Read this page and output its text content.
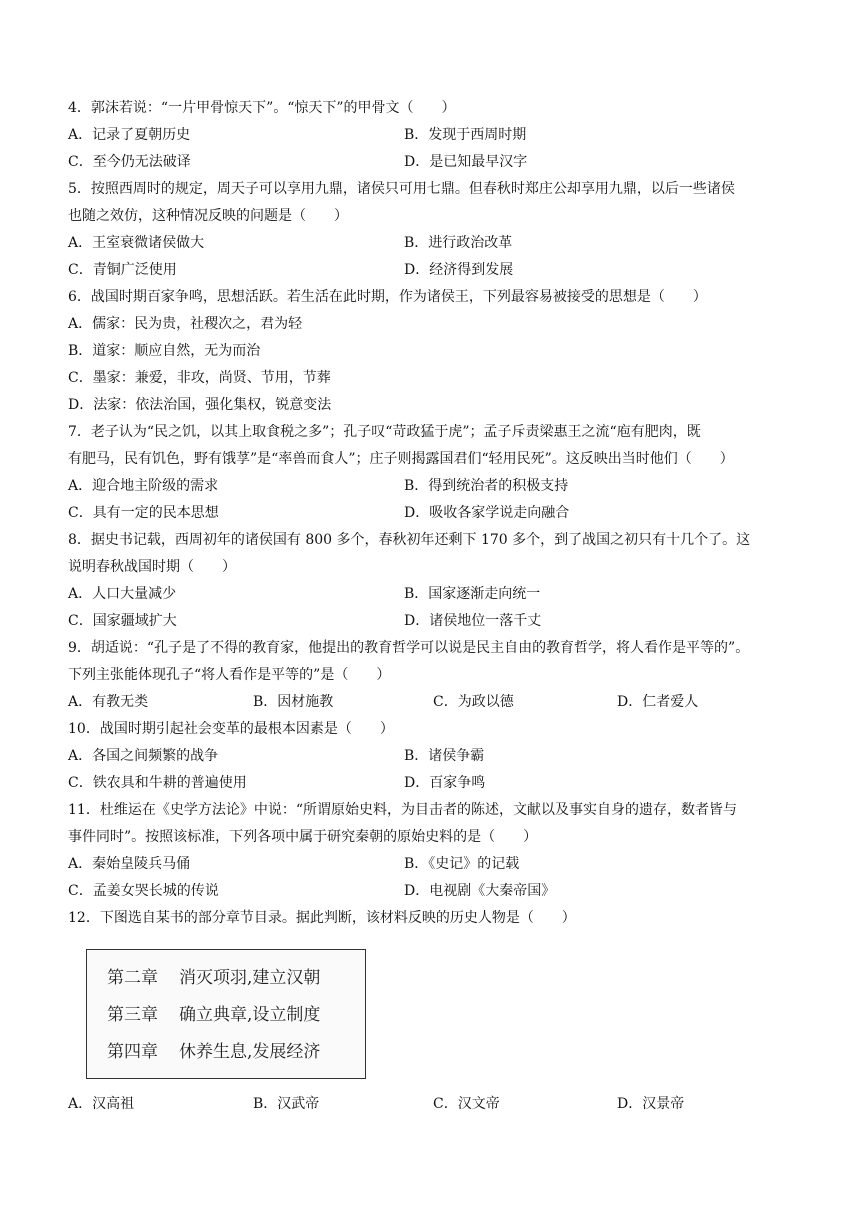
4．郭沫若说：“一片甲骨惊天下”。“惊天下”的甲骨文（　　）
A．记录了夏朝历史	B．发现于西周时期
C．至今仍无法破译	D．是已知最早汉字
5．按照西周时的规定，周天子可以享用九鼎，诸侯只可用七鼎。但春秋时郑庄公却享用九鼎，以后一些诸侯
也随之效仿，这种情况反映的问题是（　　）
A．王室衰微诸侯做大	B．进行政治改革
C．青铜广泛使用	D．经济得到发展
6．战国时期百家争鸣，思想活跃。若生活在此时期，作为诸侯王，下列最容易被接受的思想是（　　）
A．儒家：民为贵，社稷次之，君为轻
B．道家：顺应自然，无为而治
C．墨家：兼爱，非攻，尚贤、节用，节葬
D．法家：依法治国，强化集权，锐意变法
7．老子认为“民之饥，以其上取食税之多”；孔子叹“苛政猛于虎”；孟子斥责梁惠王之流“庖有肥肉，既
有肥马，民有饥色，野有饿莩”是“率兽而食人”；庄子则揭露国君们“轻用民死”。这反映出当时他们（　　）
A．迎合地主阶级的需求	B．得到统治者的积极支持
C．具有一定的民本思想	D．吸收各家学说走向融合
8．据史书记载，西周初年的诸侯国有 800 多个，春秋初年还剩下 170 多个，到了战国之初只有十几个了。这
说明春秋战国时期（　　）
A．人口大量减少	B．国家逐渐走向统一
C．国家疆域扩大	D．诸侯地位一落千丈
9．胡适说：“孔子是了不得的教育家，他提出的教育哲学可以说是民主自由的教育哲学，将人看作是平等的”。
下列主张能体现孔子“将人看作是平等的”是（　　）
A．有教无类	B．因材施教	C．为政以德	D．仁者爱人
10．战国时期引起社会变革的最根本因素是（　　）
A．各国之间频繁的战争	B．诸侯争霸
C．铁农具和牛耕的普遍使用	D．百家争鸣
11．杜维运在《史学方法论》中说：“所谓原始史料，为目击者的陈述，文献以及事实自身的遗存，数者皆与
事件同时”。按照该标准，下列各项中属于研究秦朝的原始史料的是（　　）
A．秦始皇陵兵马俑	B．《史记》的记载
C．孟姜女哭长城的传说	D．电视剧《大秦帝国》
12．下图选自某书的部分章节目录。据此判断，该材料反映的历史人物是（　　）
第二章 消灭项羽,建立汉朝
第三章 确立典章,设立制度
第四章 休养生息,发展经济
A．汉高祖	B．汉武帝	C．汉文帝	D．汉景帝
